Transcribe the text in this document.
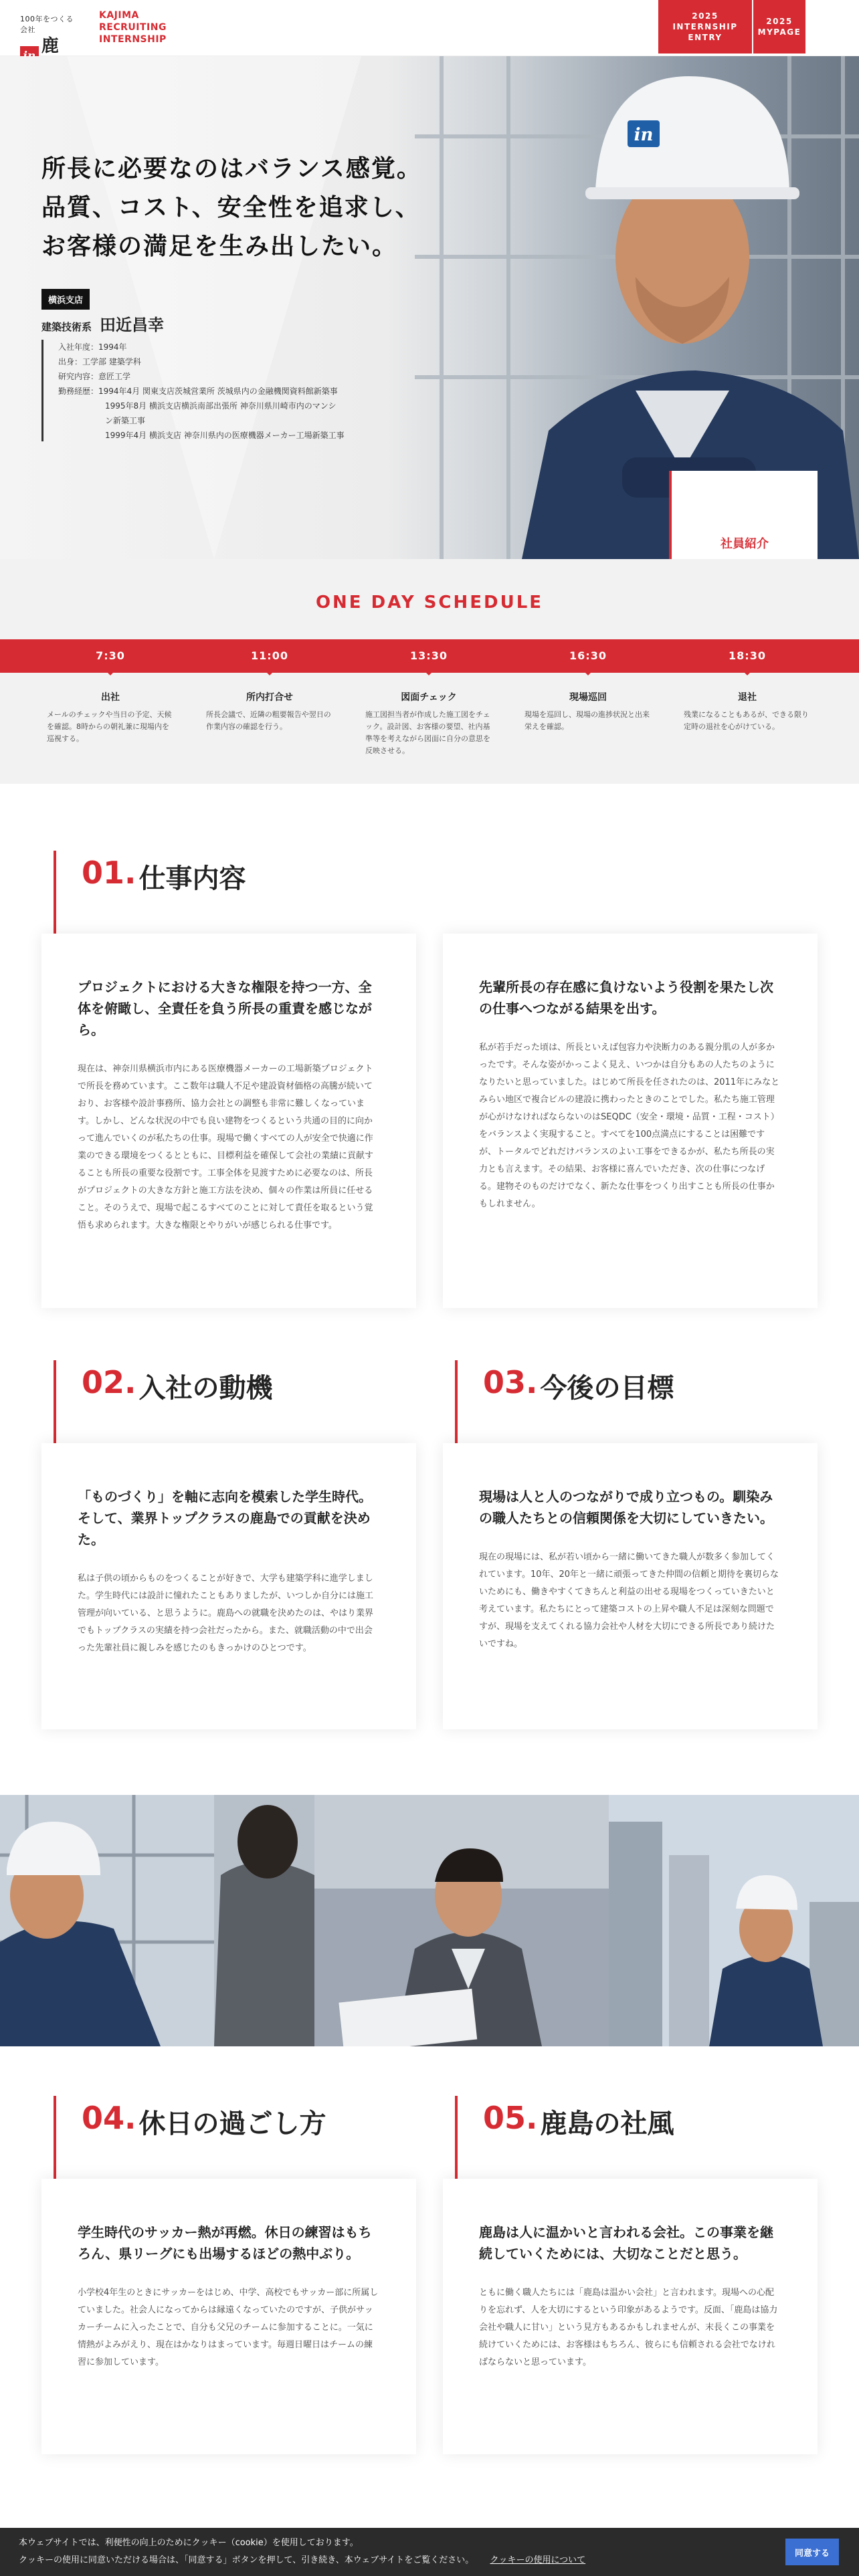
100年をつくる会社
鹿
KAJIMA
RECRUITING
INTERNSHIP
2025
INTERNSHIP
ENTRY
2025
MYPAGE
in
所長に必要なのはバランス感覚。
品質、コスト、安全性を追求し、
お客様の満足を生み出したい。
横浜支店
建築技術系 田近昌幸
入社年度：1994年
出身：工学部 建築学科
研究内容：意匠工学
勤務経歴：1994年4月 関東支店茨城営業所 茨城県内の金融機関資料館新築事
1995年8月 横浜支店横浜南部出張所 神奈川県川崎市内のマンシ
ン新築工事
1999年4月 横浜支店 神奈川県内の医療機器メーカー工場新築工事
社員紹介
ONE DAY SCHEDULE
7:30
出社
メールのチェックや当日の予定、天候を確認。8時からの朝礼兼に現場内を巡視する。
11:00
所内打合せ
所長会議で、近隣の粗要報告や翌日の作業内容の確認を行う。
13:30
図面チェック
施工図担当者が作成した施工図をチェック。設計図、お客様の要望、社内基準等を考えながら図面に自分の意思を反映させる。
16:30
現場巡回
現場を巡回し、現場の進捗状況と出来栄えを確認。
18:30
退社
残業になることもあるが、できる限り定時の退社を心がけている。
01. 仕事内容
プロジェクトにおける大きな権限を持つ一方、全体を俯瞰し、全責任を負う所長の重責を感じながら。
現在は、神奈川県横浜市内にある医療機器メーカーの工場新築プロジェクトで所長を務めています。ここ数年は職人不足や建設資材価格の高騰が続いており、お客様や設計事務所、協力会社との調整も非常に難しくなっています。しかし、どんな状況の中でも良い建物をつくるという共通の目的に向かって進んでいくのが私たちの仕事。現場で働くすべての人が安全で快適に作業のできる環境をつくるとともに、目標利益を確保して会社の業績に貢献することも所長の重要な役割です。工事全体を見渡すために必要なのは、所長がプロジェクトの大きな方針と施工方法を決め、個々の作業は所員に任せること。そのうえで、現場で起こるすべてのことに対して責任を取るという覚悟も求められます。大きな権限とやりがいが感じられる仕事です。
先輩所長の存在感に負けないよう役割を果たし次の仕事へつながる結果を出す。
私が若手だった頃は、所長といえば包容力や決断力のある親分肌の人が多かったです。そんな姿がかっこよく見え、いつかは自分もあの人たちのようになりたいと思っていました。はじめて所長を任されたのは、2011年にみなとみらい地区で複合ビルの建設に携わったときのことでした。私たち施工管理が心がけなければならないのはSEQDC（安全・環境・品質・工程・コスト）をバランスよく実現すること。すべてを100点満点にすることは困難ですが、トータルでどれだけバランスのよい工事をできるかが、私たち所長の実力とも言えます。その結果、お客様に喜んでいただき、次の仕事につなげる。建物そのものだけでなく、新たな仕事をつくり出すことも所長の仕事かもしれません。
02. 入社の動機	03. 今後の目標
「ものづくり」を軸に志向を模索した学生時代。そして、業界トップクラスの鹿島での貢献を決めた。
私は子供の頃からものをつくることが好きで、大学も建築学科に進学しました。学生時代には設計に憧れたこともありましたが、いつしか自分には施工管理が向いている、と思うように。鹿島への就職を決めたのは、やはり業界でもトップクラスの実績を持つ会社だったから。また、就職活動の中で出会った先輩社員に親しみを感じたのもきっかけのひとつです。
現場は人と人のつながりで成り立つもの。馴染みの職人たちとの信頼関係を大切にしていきたい。
現在の現場には、私が若い頃から一緒に働いてきた職人が数多く参加してくれています。10年、20年と一緒に頑張ってきた仲間の信頼と期待を裏切らないためにも、働きやすくてきちんと利益の出せる現場をつくっていきたいと考えています。私たちにとって建築コストの上昇や職人不足は深刻な問題ですが、現場を支えてくれる協力会社や人材を大切にできる所長であり続けたいですね。
04. 休日の過ごし方	05. 鹿島の社風
学生時代のサッカー熱が再燃。休日の練習はもちろん、県リーグにも出場するほどの熱中ぶり。
小学校4年生のときにサッカーをはじめ、中学、高校でもサッカー部に所属していました。社会人になってからは縁遠くなっていたのですが、子供がサッカーチームに入ったことで、自分も父兄のチームに参加することに。一気に情熱がよみがえり、現在はかなりはまっています。毎週日曜日はチームの練習に参加しています。
鹿島は人に温かいと言われる会社。この事業を継続していくためには、大切なことだと思う。
ともに働く職人たちには「鹿島は温かい会社」と言われます。現場への心配りを忘れず、人を大切にするという印象があるようです。反面、「鹿島は協力会社や職人に甘い」という見方もあるかもしれませんが、末長くこの事業を続けていくためには、お客様はもちろん、彼らにも信頼される会社でなければならないと思っています。
本ウェブサイトでは、利便性の向上のためにクッキー（cookie）を使用しております。
クッキーの使用に同意いただける場合は、「同意する」ボタンを押して、引き続き、本ウェブサイトをご覧ください。 クッキーの使用について
同意する
